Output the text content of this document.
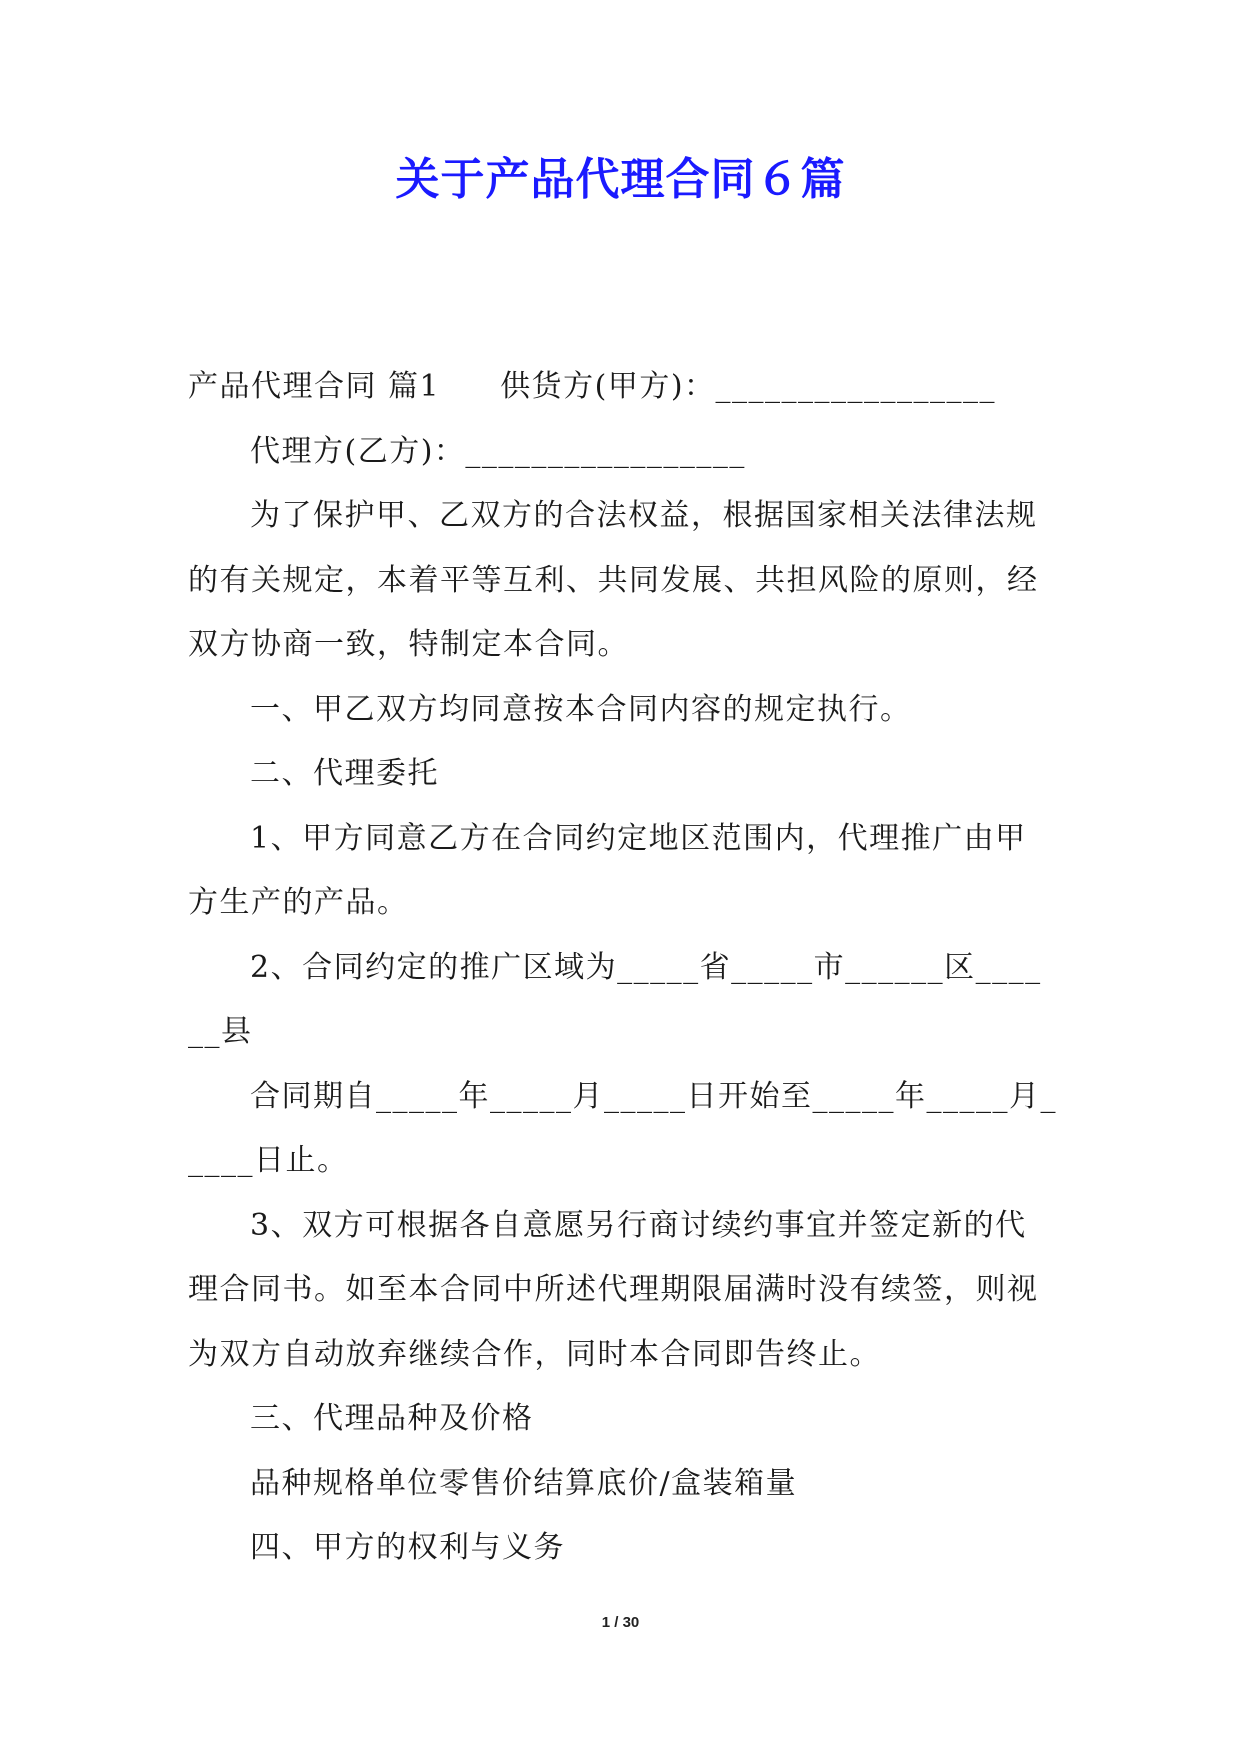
关于产品代理合同６篇

产品代理合同 篇1 供货方(甲方)：_________________

代理方(乙方)：_________________

为了保护甲、乙双方的合法权益，根据国家相关法律法规的有关规定，本着平等互利、共同发展、共担风险的原则，经双方协商一致，特制定本合同。

一、甲乙双方均同意按本合同内容的规定执行。

二、代理委托

1、甲方同意乙方在合同约定地区范围内，代理推广由甲方生产的产品。

2、合同约定的推广区域为_____省_____市______区______县

合同期自_____年_____月_____日开始至_____年_____月_____日止。

3、双方可根据各自意愿另行商讨续约事宜并签定新的代理合同书。如至本合同中所述代理期限届满时没有续签，则视为双方自动放弃继续合作，同时本合同即告终止。

三、代理品种及价格

品种规格单位零售价结算底价/盒装箱量

四、甲方的权利与义务

1 / 30
